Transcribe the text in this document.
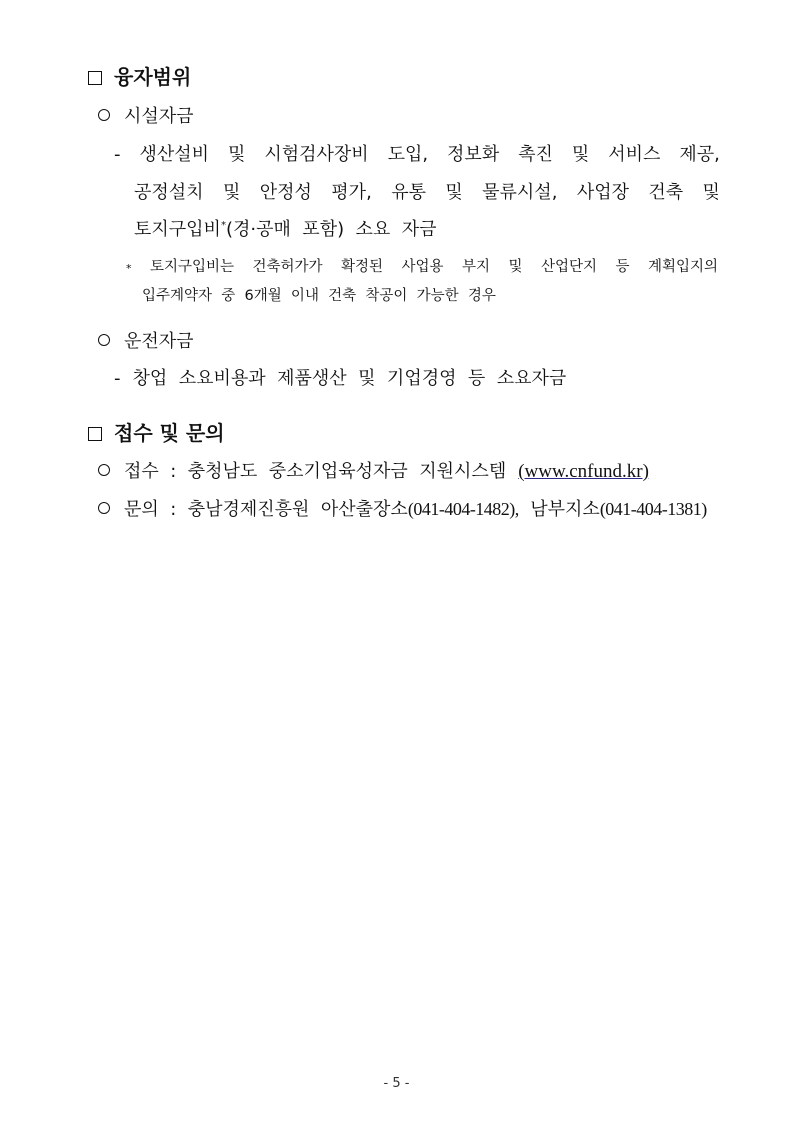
융자범위
시설자금
- 생산설비 및 시험검사장비 도입, 정보화 촉진 및 서비스 제공,
공정설치 및 안정성 평가, 유통 및 물류시설, 사업장 건축 및
토지구입비*(경·공매  포함)  소요  자금
* 토지구입비는 건축허가가 확정된 사업용 부지 및 산업단지 등 계획입지의
입주계약자  중  6개월  이내  건축  착공이  가능한  경우
운전자금
- 창업  소요비용과  제품생산  및  기업경영  등  소요자금
접수 및 문의
접수  :  충청남도  중소기업육성자금  지원시스템 (www.cnfund.kr)
문의  :  충남경제진흥원  아산출장소(041-404-1482),  남부지소(041-404-1381)
- 5 -
